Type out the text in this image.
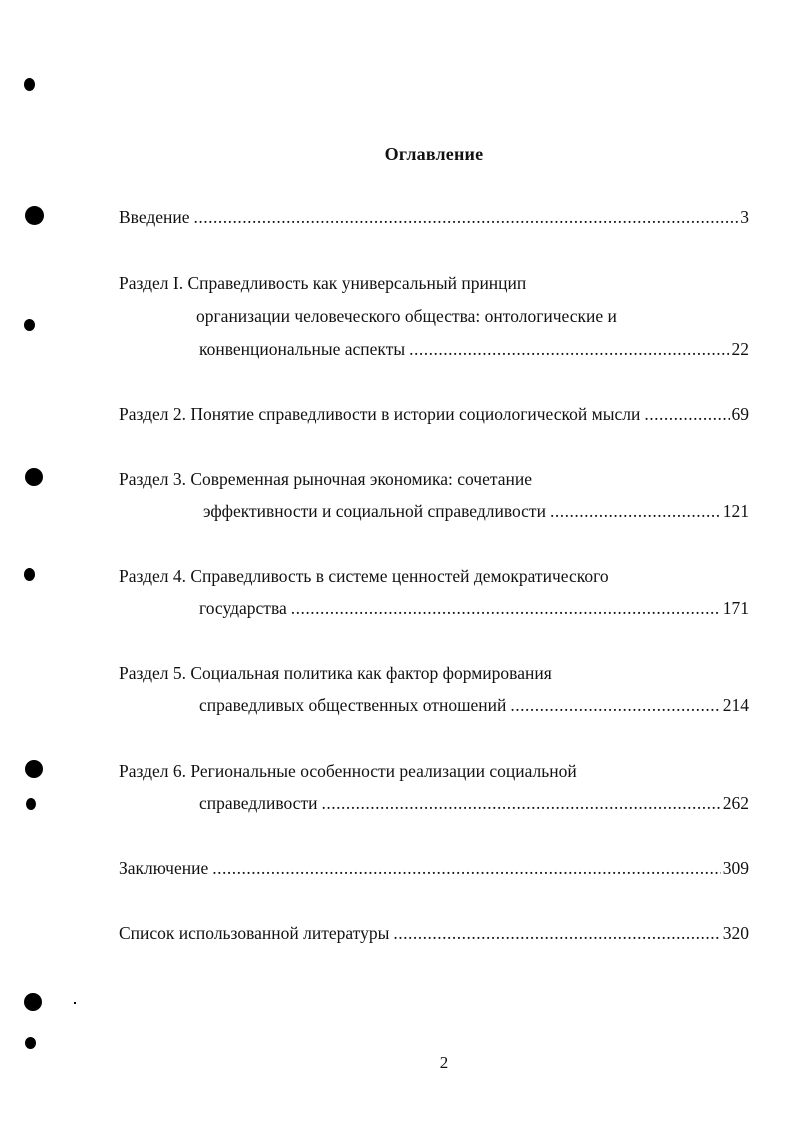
Оглавление
Введение .....	3
Раздел I. Справедливость как универсальный принцип
организации человеческого общества: онтологические и
конвенциональные аспекты .....	22
Раздел 2. Понятие справедливости в истории социологической мысли .....	69
Раздел 3. Современная рыночная экономика: сочетание
эффективности и социальной справедливости .....	121
Раздел 4. Справедливость в системе ценностей демократического
государства .....	171
Раздел 5. Социальная политика как фактор формирования
справедливых общественных отношений .....	214
Раздел 6. Региональные особенности реализации социальной
справедливости .....	262
Заключение .....	309
Список использованной литературы .....	320
2
